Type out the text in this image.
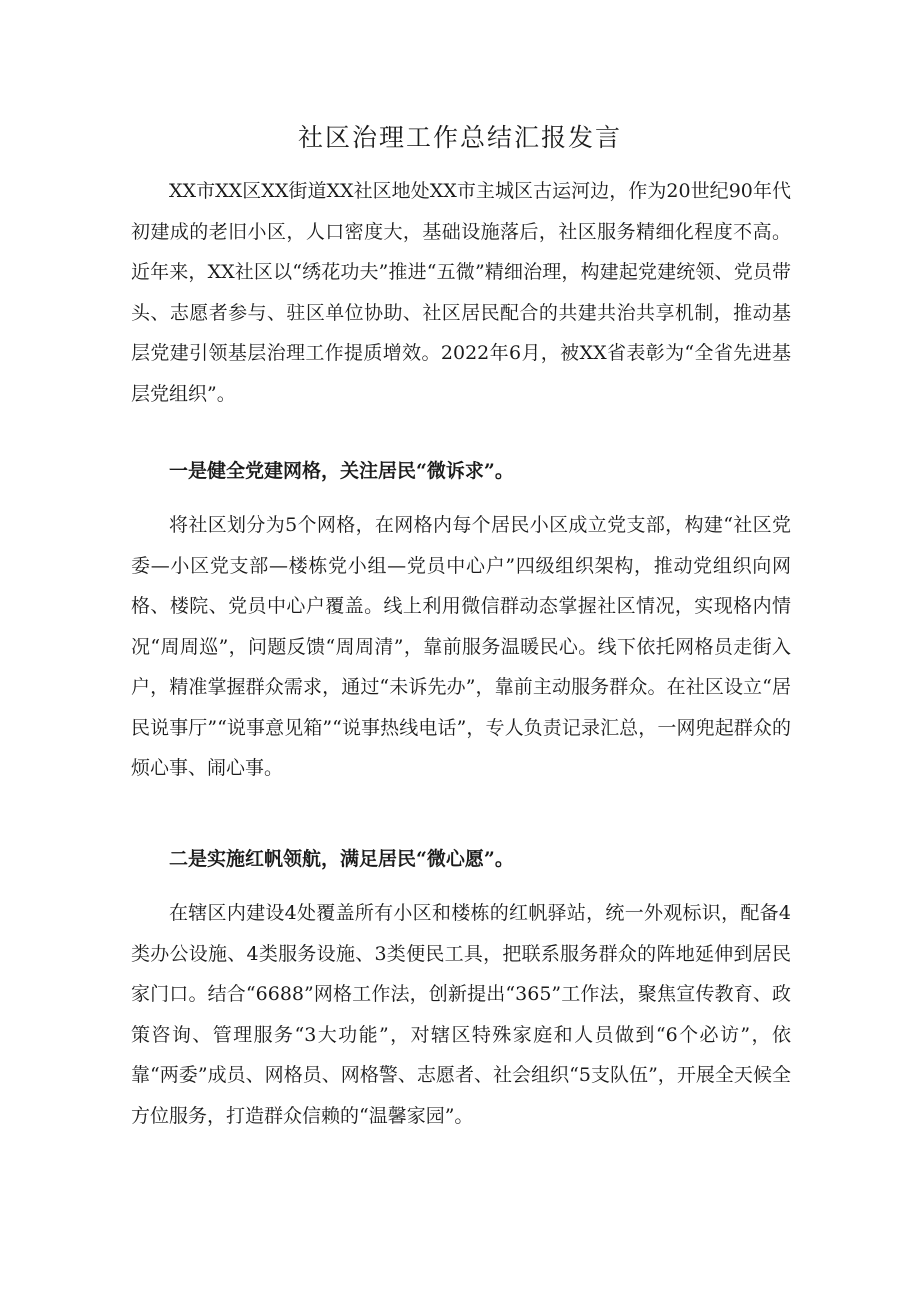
社区治理工作总结汇报发言

XX市XX区XX街道XX社区地处XX市主城区古运河边，作为20世纪90年代初建成的老旧小区，人口密度大，基础设施落后，社区服务精细化程度不高。近年来，XX社区以“绣花功夫”推进“五微”精细治理，构建起党建统领、党员带头、志愿者参与、驻区单位协助、社区居民配合的共建共治共享机制，推动基层党建引领基层治理工作提质增效。2022年6月，被XX省表彰为“全省先进基层党组织”。

一是健全党建网格，关注居民“微诉求”。

将社区划分为5个网格，在网格内每个居民小区成立党支部，构建“社区党委—小区党支部—楼栋党小组—党员中心户”四级组织架构，推动党组织向网格、楼院、党员中心户覆盖。线上利用微信群动态掌握社区情况，实现格内情况“周周巡”，问题反馈“周周清”，靠前服务温暖民心。线下依托网格员走街入户，精准掌握群众需求，通过“未诉先办”，靠前主动服务群众。在社区设立“居民说事厅”“说事意见箱”“说事热线电话”，专人负责记录汇总，一网兜起群众的烦心事、闹心事。

二是实施红帆领航，满足居民“微心愿”。

在辖区内建设4处覆盖所有小区和楼栋的红帆驿站，统一外观标识，配备4类办公设施、4类服务设施、3类便民工具，把联系服务群众的阵地延伸到居民家门口。结合“6688”网格工作法，创新提出“365”工作法，聚焦宣传教育、政策咨询、管理服务“3大功能”，对辖区特殊家庭和人员做到“6个必访”，依靠“两委”成员、网格员、网格警、志愿者、社会组织“5支队伍”，开展全天候全方位服务，打造群众信赖的“温馨家园”。
